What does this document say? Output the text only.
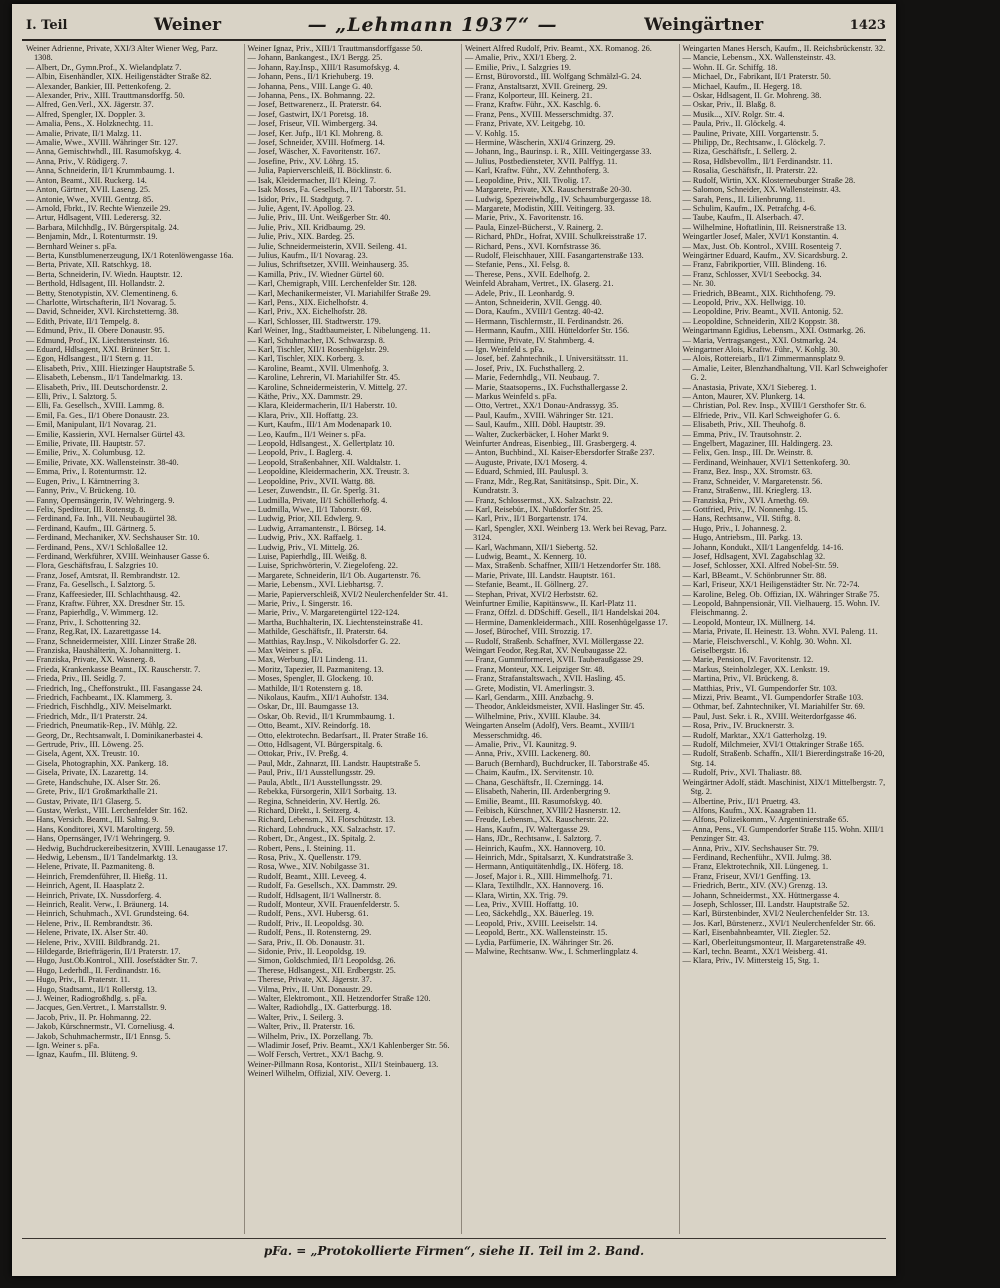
I. Teil	Weiner	— „Lehmann 1937“ —	Weingärtner	1423

Weiner Adrienne, Private, XXI/3 Alter Wiener Weg, Parz. 1308.

— Albert, Dr., Gymn.Prof., X. Wielandplatz 7.

— Albin, Eisenhändler, XIX. Heiligenstädter Straße 82.

— Alexander, Bankier, III. Pettenkofeng. 2.

— Alexander, Priv., XIII. Trauttmansdorffg. 50.

— Alfred, Gen.Verl., XX. Jägerstr. 37.

— Alfred, Spengler, IX. Doppler. 3.

— Amalia, Pens., X. Holzknechtg. 11.

— Amalie, Private, II/1 Malzg. 11.

— Amalie, Wwe., XVIII. Währinger Str. 127.

— Anna, Gemischtwhdl., III. Rasumofskyg. 4.

— Anna, Priv., V. Rüdigerg. 7.

— Anna, Schneiderin, II/1 Krummbaumg. 1.

— Anton, Beamt., XII. Ruckerg. 14.

— Anton, Gärtner, XVII. Laseng. 25.

— Antonie, Wwe., XVIII. Gentzg. 85.

— Arnold, Fbrkt., IV. Rechte Wienzeile 29.

— Artur, Hdlsagent, VIII. Lederersg. 32.

— Barbara, Milchhdlg., IV. Bürgerspitalg. 24.

— Benjamin, Mdr., I. Rotenturmstr. 19.

— Bernhard Weiner s. pFa.

— Berta, Kunstblumenerzeugung, IX/1 Rotenlöwengasse 16a.

— Berta, Private, XII. Ratschkyg. 18.

— Berta, Schneiderin, IV. Wiedn. Hauptstr. 12.

— Berthold, Hdlsagent, III. Hollandstr. 2.

— Betty, Stenotypistin, XV. Clementineng. 6.

— Charlotte, Wirtschafterin, II/1 Novarag. 5.

— David, Schneider, XVI. Kirchstetterng. 38.

— Edith, Private, II/1 Tempelg. 8.

— Edmund, Priv., II. Obere Donaustr. 95.

— Edmund, Prof., IX. Liechtensteinstr. 16.

— Eduard, Hdlsagent, XXI. Brünner Str. 1.

— Egon, Hdlsangest., II/1 Stern g. 11.

— Elisabeth, Priv., XIII. Hietzinger Hauptstraße 5.

— Elisabeth, Lebensm., II/1 Tandelmarktg. 13.

— Elisabeth, Priv., III. Deutschordenstr. 2.

— Elli, Priv., I. Salztorg. 5.

— Elli, Fa. Gesellsch., XVIII. Lammg. 8.

— Emil, Fa. Ges., II/1 Obere Donaustr. 23.

— Emil, Manipulant, II/1 Novarag. 21.

— Emilie, Kassierin, XVI. Hernalser Gürtel 43.

— Emilie, Private, III. Hauptstr. 57.

— Emilie, Priv., X. Columbusg. 12.

— Emilie, Private, XX. Wallensteinstr. 38-40.

— Emma, Priv., I. Rotenturmstr. 12.

— Eugen, Priv., I. Kärntnerring 3.

— Fanny, Priv., V. Brückeng. 10.

— Fanny, Opernsängerin, IV. Wehringerg. 9.

— Felix, Spediteur, III. Rotenstg. 8.

— Ferdinand, Fa. Inh., VII. Neubaugürtel 38.

— Ferdinand, Kaufm., III. Gärtnerg. 5.

— Ferdinand, Mechaniker, XV. Sechshauser Str. 10.

— Ferdinand, Pens., XV/1 Schloßallee 12.

— Ferdinand, Werkführer, XVIII. Weinhauser Gasse 6.

— Flora, Geschäftsfrau, I. Salzgries 10.

— Franz, Josef, Amtsrat, II. Rembrandtstr. 12.

— Franz, Fa. Gesellsch., I. Salztorg. 5.

— Franz, Kaffeesieder, III. Schlachthausg. 42.

— Franz, Kraftw. Führer, XX. Dresdner Str. 15.

— Franz, Papierhdlg., V. Wimmerg. 12.

— Franz, Priv., I. Schottenring 32.

— Franz, Reg.Rat, IX. Lazarettgasse 14.

— Franz, Schneidermeister, XIII. Linzer Straße 28.

— Franziska, Haushälterin, X. Johannitterg. 1.

— Franziska, Private, XX. Wasnerg. 8.

— Frieda, Krankenkasse Beamt., IX. Rauscherstr. 7.

— Frieda, Priv., III. Seidlg. 7.

— Friedrich, Ing., Cheffonstrukt., III. Fasangasse 24.

— Friedrich, Fachbeamt., IX. Klammerg. 3.

— Friedrich, Fischhdlg., XIV. Meiselmarkt.

— Friedrich, Mdr., II/1 Praterstr. 24.

— Friedrich, Pneumatik-Rep., IV. Mühlg. 22.

— Georg, Dr., Rechtsanwalt, I. Dominikanerbastei 4.

— Gertrude, Priv., III. Löweng. 25.

— Gisela, Agent, XX. Treustr. 10.

— Gisela, Photographin, XX. Pankerg. 18.

— Gisela, Private, IX. Lazarettg. 14.

— Grete, Handschuhe, IX. Alser Str. 26.

— Grete, Priv., II/1 Großmarkthalle 21.

— Gustav, Private, II/1 Glaserg. 5.

— Gustav, Werkst., VIII. Lerchenfelder Str. 162.

— Hans, Versich. Beamt., III. Salmg. 9.

— Hans, Konditorei, XVI. Maroltingerg. 59.

— Hans, Opernsänger, IV/1 Wehringerg. 9.

— Hedwig, Buchdruckereibesitzerin, XVIII. Lenaugasse 17.

— Hedwig, Lebensm., II/1 Tandelmarktg. 13.

— Helene, Private, II. Pazmaniteng. 8.

— Heinrich, Fremdenführer, II. Hießg. 11.

— Heinrich, Agent, II. Haasplatz 2.

— Heinrich, Private, IX. Nussdorferg. 4.

— Heinrich, Realit. Verw., I. Bräunerg. 14.

— Heinrich, Schuhmach., XVI. Grundsteing. 64.

— Helene, Priv., II. Rembrandtstr. 36.

— Helene, Private, IX. Alser Str. 40.

— Helene, Priv., XVIII. Bildbrandg. 21.

— Hildegarde, Briefträgerin, II/1 Praterstr. 17.

— Hugo, Just.Ob.Kontrol., XIII. Josefstädter Str. 7.

— Hugo, Lederhdl., II. Ferdinandstr. 16.

— Hugo, Priv., II. Praterstr. 11.

— Hugo, Stadtsamt., II/1 Rollerstg. 13.

— J. Weiner, Radiogroßhdlg. s. pFa.

— Jacques, Gen.Vertret., I. Marrstallstr. 9.

— Jacob, Priv., II. Pr. Hohmanng. 22.

— Jakob, Kürschnermstr., VI. Corneliusg. 4.

— Jakob, Schuhmachermstr., II/1 Ennsg. 5.

— Ign. Weiner s. pFa.

— Ignaz, Kaufm., III. Blüteng. 9.

Weiner Ignaz, Priv., XIII/1 Trauttmansdorffgasse 50.

— Johann, Bankangest., IX/1 Bergg. 25.

— Johann, Ray.Insp., XIII/1 Rasumofskyg. 4.

— Johann, Pens., II/1 Kriehuberg. 19.

— Johanna, Pens., VIII. Lange G. 40.

— Johanna, Pens., IX. Bohmanng. 22.

— Josef, Bettwarenerz., II. Praterstr. 64.

— Josef, Gastwirt, IX/1 Poretsg. 18.

— Josef, Friseur, VII. Wimbergerg. 34.

— Josef, Ker. Jufp., II/1 Kl. Mohreng. 8.

— Josef, Schneider, XVIII. Hofmerg. 14.

— Josef, Wäscher, X. Favoritenstr. 167.

— Josefine, Priv., XV. Löhrg. 15.

— Julia, Papierverschleiß, II. Böcklinstr. 6.

— Isak, Kleidermacher, II/1 Kleing. 7.

— Isak Moses, Fa. Gesellsch., II/1 Taborstr. 51.

— Isidor, Priv., II. Stadtgutg. 7.

— Julie, Agent, IV. Apollog. 23.

— Julie, Priv., III. Unt. Weißgerber Str. 40.

— Julie, Priv., XII. Kridbaumg. 29.

— Julie, Priv., XIX. Bardeg. 25.

— Julie, Schneidermeisterin, XVII. Seileng. 41.

— Julius, Kaufm., II/1 Novarag. 23.

— Julius, Schriftsetzer, XVIII. Weinhauserg. 35.

— Kamilla, Priv., IV. Wiedner Gürtel 60.

— Karl, Chemigraph, VIII. Lerchenfelder Str. 128.

— Karl, Mechanikermeister, VI. Mariahilfer Straße 29.

— Karl, Pens., XIX. Eichelhofstr. 4.

— Karl, Priv., XX. Eichelhofstr. 28.

— Karl, Schlosser, III. Stadtwerstr. 179.

Karl Weiner, Ing., Stadtbaumeister, I. Nibelungeng. 11.

— Karl, Schuhmacher, IX. Schwarzsp. 8.

— Karl, Tischler, XII/1 Rosenhügelstr. 29.

— Karl, Tischler, XIX. Korberg. 3.

— Karoline, Beamt., XVII. Ulmenhofg. 3.

— Karoline, Lehrerin, VI. Mariahilfer Str. 45.

— Karoline, Schneidermeisterin, V. Mittelg. 27.

— Käthe, Priv., XX. Dammstr. 29.

— Klara, Kleidermacherin, II/1 Haberstr. 10.

— Klara, Priv., XII. Hoffattg. 23.

— Kurt, Kaufm., III/1 Am Modenapark 10.

— Leo, Kaufm., II/1 Weiner s. pFa.

— Leopold, Hdlsangest., X. Gellertplatz 10.

— Leopold, Priv., I. Baglerg. 4.

— Leopold, Straßenbahner, XII. Waldtalstr. 1.

— Leopoldine, Kleidermacherin, XX. Treustr. 3.

— Leopoldine, Priv., XVII. Wattg. 88.

— Leser, Zuwendstr., II. Gr. Sperlg. 31.

— Ludmilla, Private, II/1 Schöllerhofg. 4.

— Ludmilla, Wwe., II/1 Taborstr. 69.

— Ludwig, Prior, XII. Edwlerg. 9.

— Ludwig, Arramantenstr., I. Börseg. 14.

— Ludwig, Priv., XX. Raffaelg. 1.

— Ludwig, Priv., VI. Mittelg. 26.

— Luise, Papierhdlg., III. Weißg. 8.

— Luise, Sprichwörterin, V. Ziegelofeng. 22.

— Margarete, Schneiderin, II/1 Ob. Augartenstr. 76.

— Marie, Lebensm., XVI. Liebhartsg. 7.

— Marie, Papierverschleiß, XVI/2 Neulerchenfelder Str. 41.

— Marie, Priv., I. Singerstr. 16.

— Marie, Priv., V. Margaretengürtel 122-124.

— Martha, Buchhalterin, IX. Liechtensteinstraße 41.

— Mathilde, Geschäftsfr., II. Praterstr. 64.

— Matthias, Ray.Insp., V. Nikolsdorfer G. 22.

— Max Weiner s. pFa.

— Max, Werbung, II/1 Lindeng. 11.

— Moritz, Tapezier, II. Pazmaniteng. 13.

— Moses, Spengler, II. Glockeng. 10.

— Mathilde, II/1 Rotenstern g. 18.

— Nikolaus, Kaufm., XII/1 Auhofstr. 134.

— Oskar, Dr., III. Baumgasse 13.

— Oskar, Ob. Revid., II/1 Krummbaumg. 1.

— Otto, Beamt., XIV. Reindorfg. 18.

— Otto, elektrotechn. Bedarfsart., II. Prater Straße 16.

— Otto, Hdlsagent, VI. Bürgerspitalg. 6.

— Ottokar, Priv., IV. Preßg. 4.

— Paul, Mdr., Zahnarzt, III. Landstr. Hauptstraße 5.

— Paul, Priv., II/1 Ausstellungsstr. 29.

— Paula, Abtlt., II/1 Ausstellungsstr. 29.

— Rebekka, Fürsorgerin, XII/1 Sorbaitg. 13.

— Regina, Schneiderin, XV. Hertlg. 26.

— Richard, Direkt., I. Seitzerg. 4.

— Richard, Lebensm., XI. Florschützstr. 13.

— Richard, Lohndruck., XX. Salzachstr. 17.

— Robert, Dr., Angest., IX. Spitalg. 2.

— Robert, Pens., I. Steining. 11.

— Rosa, Priv., X. Quellenstr. 179.

— Rosa, Wwe., XIV. Nobilgasse 31.

— Rudolf, Beamt., XIII. Leveeg. 4.

— Rudolf, Fa. Gesellsch., XX. Dammstr. 29.

— Rudolf, Hdlsagent, II/1 Wallnerstr. 8.

— Rudolf, Monteur, XVII. Frauenfelderstr. 5.

— Rudolf, Pens., XVI. Hubersg. 61.

— Rudolf, Priv., II. Leopoldsg. 30.

— Rudolf, Pens., II. Rotensterng. 29.

— Sara, Priv., II. Ob. Donaustr. 31.

— Sidonie, Priv., II. Leopoldsg. 19.

— Simon, Goldschmied, II/1 Leopoldsg. 26.

— Therese, Hdlsangest., XII. Erdbergstr. 25.

— Therese, Private, XX. Jägerstr. 37.

— Vilma, Priv., II. Unt. Donaustr. 29.

— Walter, Elektromont., XII. Hetzendorfer Straße 120.

— Walter, Radiohdlg., IX. Gatterburgg. 18.

— Walter, Priv., I. Seilerg. 3.

— Walter, Priv., II. Praterstr. 16.

— Wilhelm, Priv., IX. Porzellang. 7b.

— Wladimir Josef, Priv. Beamt., XX/1 Kahlenberger Str. 56.

— Wolf Fersch, Vertret., XX/1 Bachg. 9.

Weiner-Pillmann Rosa, Kontorist., XII/1 Steinbauerg. 13.

Weinerl Wilhelm, Offizial, XIV. Oeverg. 1.

Weinert Alfred Rudolf, Priv. Beamt., XX. Romanog. 26.

— Amalie, Priv., XXI/1 Eberg. 2.

— Emilie, Priv., I. Salzgries 19.

— Ernst, Bürovorstd., III. Wolfgang Schmälzl-G. 24.

— Franz, Anstaltsarzt, XVII. Greinerg. 29.

— Franz, Kolporteur, III. Keinerg. 21.

— Franz, Kraftw. Führ., XX. Kaschlg. 6.

— Franz, Pens., XVIII. Messerschmidtg. 37.

— Franz, Private, XV. Leitgebg. 10.

— V. Kohlg. 15.

— Hermine, Wäscherin, XXI/4 Grinzerg. 29.

— Johann, Ing., Baurinsp. i. R., XIII. Veitingergasse 33.

— Julius, Postbediensteter, XVII. Palffyg. 11.

— Karl, Kraftw. Führ., XV. Zehnthoferg. 3.

— Leopoldine, Priv., XII. Tivolig. 17.

— Margarete, Private, XX. Rauscherstraße 20-30.

— Ludwig, Spezereiwhdlg., IV. Schaumburgergasse 18.

— Margarete, Modistin, XIII. Veitingerg. 33.

— Marie, Priv., X. Favoritenstr. 16.

— Paula, Einzel-Bücherst., V. Rainerg. 2.

— Richard, PhDr., Hofrat, XVIII. Schulkreisstraße 17.

— Richard, Pens., XVI. Kornfstrasse 36.

— Rudolf, Fleischhauer, XIII. Fasangartenstraße 133.

— Stefanie, Pens., XI. Felsg. 8.

— Therese, Pens., XVII. Edelhofg. 2.

Weinfeld Abraham, Vertret., IX. Glaserg. 21.

— Adele, Priv., II. Leonhardg. 9.

— Anton, Schneiderin, XVII. Gengg. 40.

— Dora, Kaufm., XVIII/1 Gentzg. 40-42.

— Hermann, Tischlermstr., II. Ferdinandstr. 26.

— Hermann, Kaufm., XIII. Hütteldorfer Str. 156.

— Hermine, Private, IV. Stahmberg. 4.

— Ign. Weinfeld s. pFa.

— Josef, bef. Zahntechnik., I. Universitätsstr. 11.

— Josef, Priv., IX. Fuchsthallerg. 2.

— Marie, Federnhdlg., VII. Neubaug. 7.

— Marie, Staatsoperns., IX. Fuchsthallergasse 2.

— Markus Weinfeld s. pFa.

— Otto, Vertret., XX/1 Donau-Andrassyg. 35.

— Paul, Kaufm., XVIII. Währinger Str. 121.

— Saul, Kaufm., XIII. Döbl. Hauptstr. 39.

— Walter, Zuckerbäcker, I. Hoher Markt 9.

Weinfurter Andreas, Eisenbieg., III. Grasbergerg. 4.

— Anton, Buchbind., XI. Kaiser-Ebersdorfer Straße 237.

— Auguste, Private, IX/1 Moserg. 4.

— Eduard, Schmied, III. Pauluspl. 3.

— Franz, Mdr., Reg.Rat, Sanitätsinsp., Spit. Dir., X. Kundratstr. 3.

— Franz, Schlossermst., XX. Salzachstr. 22.

— Karl, Reisebür., IX. Nußdorfer Str. 25.

— Karl, Priv., II/1 Borgartenstr. 174.

— Karl, Spengler, XXI. Weinberg 13. Werk bei Revag, Parz. 3124.

— Karl, Wachmann, XII/1 Siebertg. 52.

— Ludwig, Beamt., X. Kennerg. 10.

— Max, Straßenb. Schaffner, XIII/1 Hetzendorfer Str. 188.

— Marie, Private, III. Landstr. Hauptstr. 161.

— Stefanie, Beamt., II. Göllnerg. 27.

— Stephan, Privat, XVI/2 Herbststr. 62.

Weinfurtner Emilie, Kapitänsww., II. Karl-Platz 11.

— Franz, Offzl. d. DDSchiff. Gesell., II/1 Handelskai 204.

— Hermine, Damenkleidermach., XIII. Rosenhügelgasse 17.

— Josef, Bürochef, VIII. Strozzig. 17.

— Rudolf, Straßenb. Schaffner, XVI. Möllergasse 22.

Weingart Feodor, Reg.Rat, XV. Neubaugasse 22.

— Franz, Gummiformerei, XVII. Tauberaußgasse 29.

— Franz, Monteur, XX. Leipziger Str. 48.

— Franz, Strafanstaltswach., XVII. Hasling. 45.

— Grete, Modistin, VI. Amerlingstr. 3.

— Karl, Gendarm., XIII. Anzbachg. 9.

— Theodor, Ankleidsmeister, XVII. Haslinger Str. 45.

— Wilhelmine, Priv., XVIII. Klaube. 34.

Weingarten Anselm (Adolf), Vers. Beamt., XVIII/1 Messerschmidtg. 46.

— Amalie, Priv., VI. Kaunitzg. 9.

— Anna, Priv., XVIII. Lackenerg. 80.

— Baruch (Bernhard), Buchdrucker, II. Taborstraße 45.

— Chaim, Kaufm., IX. Servitenstr. 10.

— Chana, Geschäftsfr., II. Czerningg. 14.

— Elisabeth, Naherin, III. Ardenbergring 9.

— Emilie, Beamt., III. Rasumofskyg. 40.

— Feibisch, Kürschner, XVIII/2 Hasnerstr. 12.

— Freude, Lebensm., XX. Rauscherstr. 22.

— Hans, Kaufm., IV. Waltergasse 29.

— Hans, JDr., Rechtsanw., I. Salztorg. 7.

— Heinrich, Kaufm., XX. Hannoverg. 10.

— Heinrich, Mdr., Spitalsarzt, X. Kundratstraße 3.

— Hermann, Antiquitätenhdlg., IX. Höferg. 18.

— Josef, Major i. R., XIII. Himmelhofg. 71.

— Klara, Textilhdlr., XX. Hannoverg. 16.

— Klara, Wirtin, XX. Trig. 79.

— Lea, Priv., XVIII. Hoffattg. 10.

— Leo, Säckehdlg., XX. Bäuerleg. 19.

— Leopold, Priv., XVIII. Leeiselstr. 14.

— Leopold, Bertr., XX. Wallensteinstr. 15.

— Lydia, Parfümerie, IX. Währinger Str. 26.

— Malwine, Rechtsanw. Ww., I. Schmerlingplatz 4.

Weingarten Manes Hersch, Kaufm., II. Reichsbrückenstr. 32.

— Mancie, Lebensm., XX. Wallensteinstr. 43.

— Wohn. II. Gr. Schiffg. 18.

— Michael, Dr., Fabrikant, II/1 Praterstr. 50.

— Michael, Kaufm., II. Hegerg. 18.

— Oskar, Hdlsagent, II. Gr. Mohreng. 38.

— Oskar, Priv., II. Blaßg. 8.

— Musik..., XIV. Rolgr. Str. 4.

— Paula, Priv., II. Glöckelg. 4.

— Pauline, Private, XIII. Vorgartenstr. 5.

— Philipp, Dr., Rechtsanw., I. Glöckelg. 7.

— Riza, Geschäftsfr., I. Sellerg. 2.

— Rosa, Hdlsbevollm., II/1 Ferdinandstr. 11.

— Rosalia, Geschäftsfr., II. Praterstr. 22.

— Rudolf, Wirtin, XX. Klosterneuburger Straße 28.

— Salomon, Schneider, XX. Wallensteinstr. 43.

— Sarah, Pens., II. Lilienbrunng. 11.

— Schulim, Kaufm., IX. Petrafchg. 4-6.

— Taube, Kaufm., II. Alserbach. 47.

— Wilhelmine, Hoftatlinin, III. Reisnerstraße 13.

Weingartler Josef, Maler, XVI/1 Konstantin. 4.

— Max, Just. Ob. Kontrol., XVIII. Rosenteig 7.

Weingärtner Eduard, Kaufm., XV. Sicardsburg. 2.

— Franz, Fabrikportier, VIII. Blindeng. 16.

— Franz, Schlosser, XVI/1 Seebockg. 34.

— Nr. 30.

— Friedrich, BBeamt., XIX. Richthofeng. 79.

— Leopold, Priv., XX. Hellwigg. 10.

— Leopoldine, Priv. Beamt., XVII. Antonig. 52.

— Leopoldine, Schneiderin, XII/2 Koppstr. 38.

Weingartmann Egidius, Lebensm., XXI. Ostmarkg. 26.

— Maria, Vertragsangest., XXI. Ostmarkg. 24.

Weingartner Alois, Kraftw. Führ., V. Kohlg. 30.

— Alois, Rottereiarb., II/1 Zimmermannsplatz 9.

— Amalie, Leiter, Blenzhandhaltung, VII. Karl Schweighofer G. 2.

— Anastasia, Private, XX/1 Siebereg. 1.

— Anton, Maurer, XV. Plunkerg. 14.

— Christian, Pol. Rev. Insp., XVIII/1 Gersthofer Str. 6.

— Elfriede, Priv., VII. Karl Schweighofer G. 6.

— Elisabeth, Priv., XII. Theuhofg. 8.

— Emma, Priv., IV. Trautsohnstr. 2.

— Engelbert, Magaziner, III. Haldingerg. 23.

— Felix, Gen. Insp., III. Dr. Weinstr. 8.

— Ferdinand, Weinhauer, XVI/1 Settenkoferg. 30.

— Franz, Bez. Insp., XX. Stromstr. 63.

— Franz, Schneider, V. Margaretenstr. 56.

— Franz, Straßenw., III. Krieglerg. 13.

— Franziska, Priv., XVI. Arnethg. 69.

— Gottfried, Priv., IV. Nonnenhg. 15.

— Hans, Rechtsanw., VII. Stiftg. 8.

— Hugo, Priv., I. Johannesg. 2.

— Hugo, Antriebsm., III. Parkg. 13.

— Johann, Kondukt., XII/1 Langenfeldg. 14-16.

— Josef, Hdlsagent, XVI. Zagabschlag 32.

— Josef, Schlosser, XXI. Alfred Nobel-Str. 59.

— Karl, BBeamt., V. Schönbrunner Str. 88.

— Karl, Friseur, XX/1 Heiligenstädter Str. Nr. 72-74.

— Karoline, Beleg. Ob. Offizian, IX. Währinger Straße 75.

— Leopold, Bahnpensionär, VII. Vielhauerg. 15. Wohn. IV. Fleischmanng. 2.

— Leopold, Monteur, IX. Müllnerg. 14.

— Maria, Private, II. Heinestr. 13. Wohn. XVI. Paleng. 11.

— Marie, Fleischverschl., V. Kohlg. 30. Wohn. XI. Geiselbergstr. 16.

— Marie, Pension, IV. Favoritenstr. 12.

— Markus, Steinholzleger, XX. Lenkstr. 19.

— Martina, Priv., VI. Brückeng. 8.

— Matthias, Priv., VI. Gumpendorfer Str. 103.

— Mizzi, Priv. Beamt., VI. Gumpendorfer Straße 103.

— Othmar, bef. Zahntechniker, VI. Mariahilfer Str. 69.

— Paul, Just. Sekr. i. R., XVIII. Weiterdorfgasse 46.

— Rosa, Priv., IV. Brucknerstr. 3.

— Rudolf, Marktar., XX/1 Gatterholzg. 19.

— Rudolf, Milchmeier, XVI/1 Ottakringer Straße 165.

— Rudolf, Straßenb. Schaffn., XII/1 Biererdingstraße 16-20, Stg. 14.

— Rudolf, Priv., XVI. Thaliastr. 88.

Weingärtner Adolf, städt. Maschinist, XIX/1 Mittelbergstr. 7, Stg. 2.

— Albertine, Priv., II/1 Pruetrg. 43.

— Alfons, Kaufm., XX. Kaaagraben 11.

— Alfons, Polizeikomm., V. Argentinierstraße 65.

— Anna, Pens., VI. Gumpendorfer Straße 115. Wohn. XIII/1 Penzinger Str. 43.

— Anna, Priv., XIV. Sechshauser Str. 79.

— Ferdinand, Rechenführ., XVII. Julmg. 38.

— Franz, Elektrotechnik, XII. Lüngeneg. 1.

— Franz, Friseur, XVI/1 Genffing. 13.

— Friedrich, Bertr., XIV. (XV.) Grenzg. 13.

— Johann, Schneidermst., XX. Hüttnergasse 4.

— Joseph, Schlosser, III. Landstr. Hauptstraße 52.

— Karl, Bürstenbinder, XVI/2 Neulerchenfelder Str. 13.

— Jos. Karl, Bürstenerz., XVI/1 Neulerchenfelder Str. 66.

— Karl, Eisenbahnbeamter, VII. Ziegler. 52.

— Karl, Oberleitungsmonteur, II. Margaretenstraße 49.

— Karl, techn. Beamt., XX/1 Weisberg. 41.

— Klara, Priv., IV. Mittersteig 15, Stg. 1.

pFa. = „Protokollierte Firmen“, siehe II. Teil im 2. Band.
